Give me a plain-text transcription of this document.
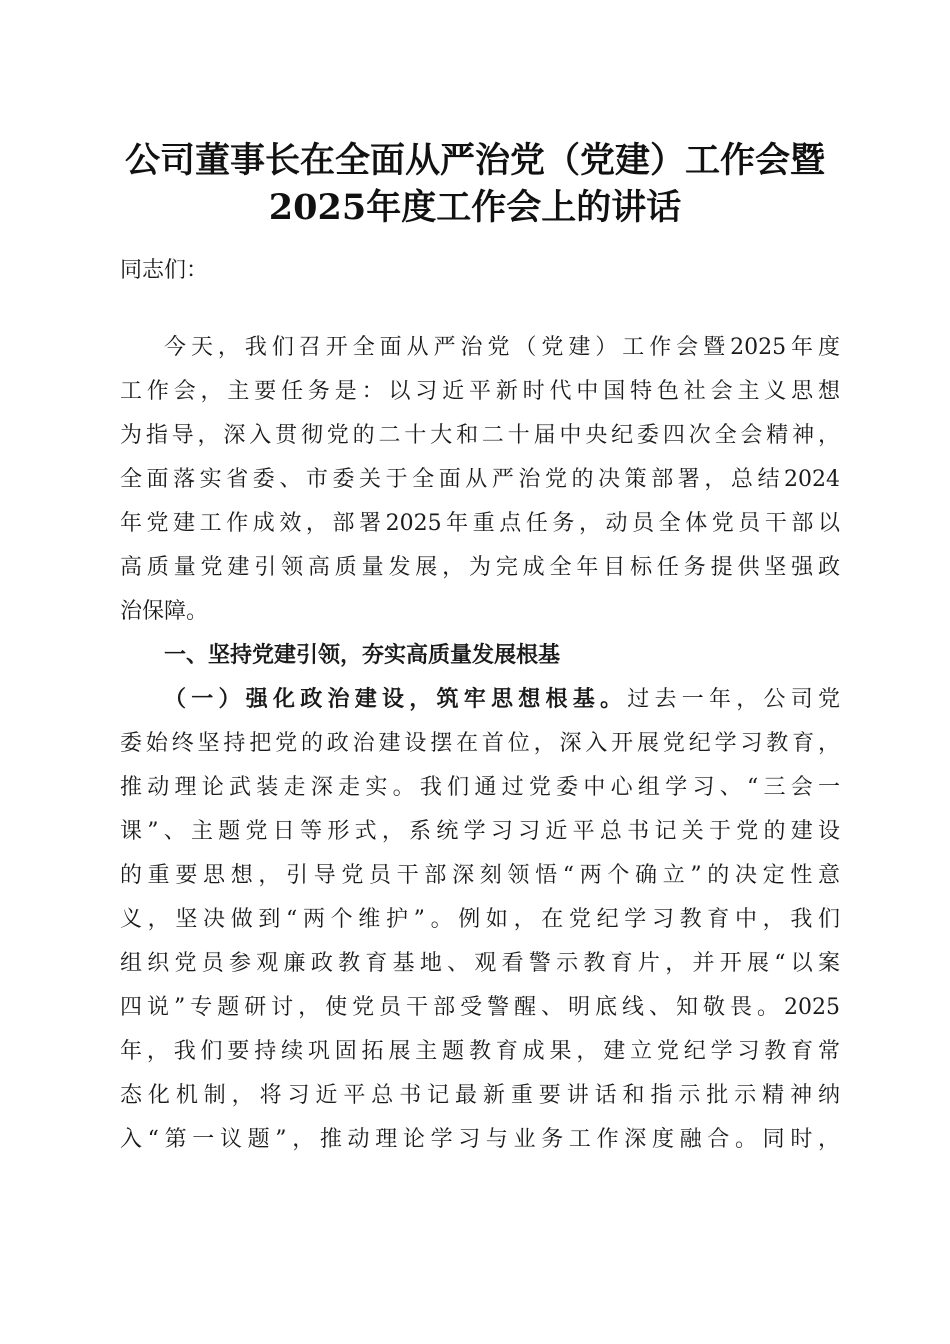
公司董事长在全面从严治党（党建）工作会暨
2025年度工作会上的讲话
同志们：
今天，我们召开全面从严治党（党建）工作会暨2025年度
工作会，主要任务是：以习近平新时代中国特色社会主义思想
为指导，深入贯彻党的二十大和二十届中央纪委四次全会精神，
全面落实省委、市委关于全面从严治党的决策部署，总结2024
年党建工作成效，部署2025年重点任务，动员全体党员干部以
高质量党建引领高质量发展，为完成全年目标任务提供坚强政
治保障。
一、坚持党建引领，夯实高质量发展根基
（一）强化政治建设，筑牢思想根基。过去一年，公司党
委始终坚持把党的政治建设摆在首位，深入开展党纪学习教育，
推动理论武装走深走实。我们通过党委中心组学习、“三会一
课”、主题党日等形式，系统学习习近平总书记关于党的建设
的重要思想，引导党员干部深刻领悟“两个确立”的决定性意
义，坚决做到“两个维护”。例如，在党纪学习教育中，我们
组织党员参观廉政教育基地、观看警示教育片，并开展“以案
四说”专题研讨，使党员干部受警醒、明底线、知敬畏。2025
年，我们要持续巩固拓展主题教育成果，建立党纪学习教育常
态化机制，将习近平总书记最新重要讲话和指示批示精神纳
入“第一议题”，推动理论学习与业务工作深度融合。同时，
